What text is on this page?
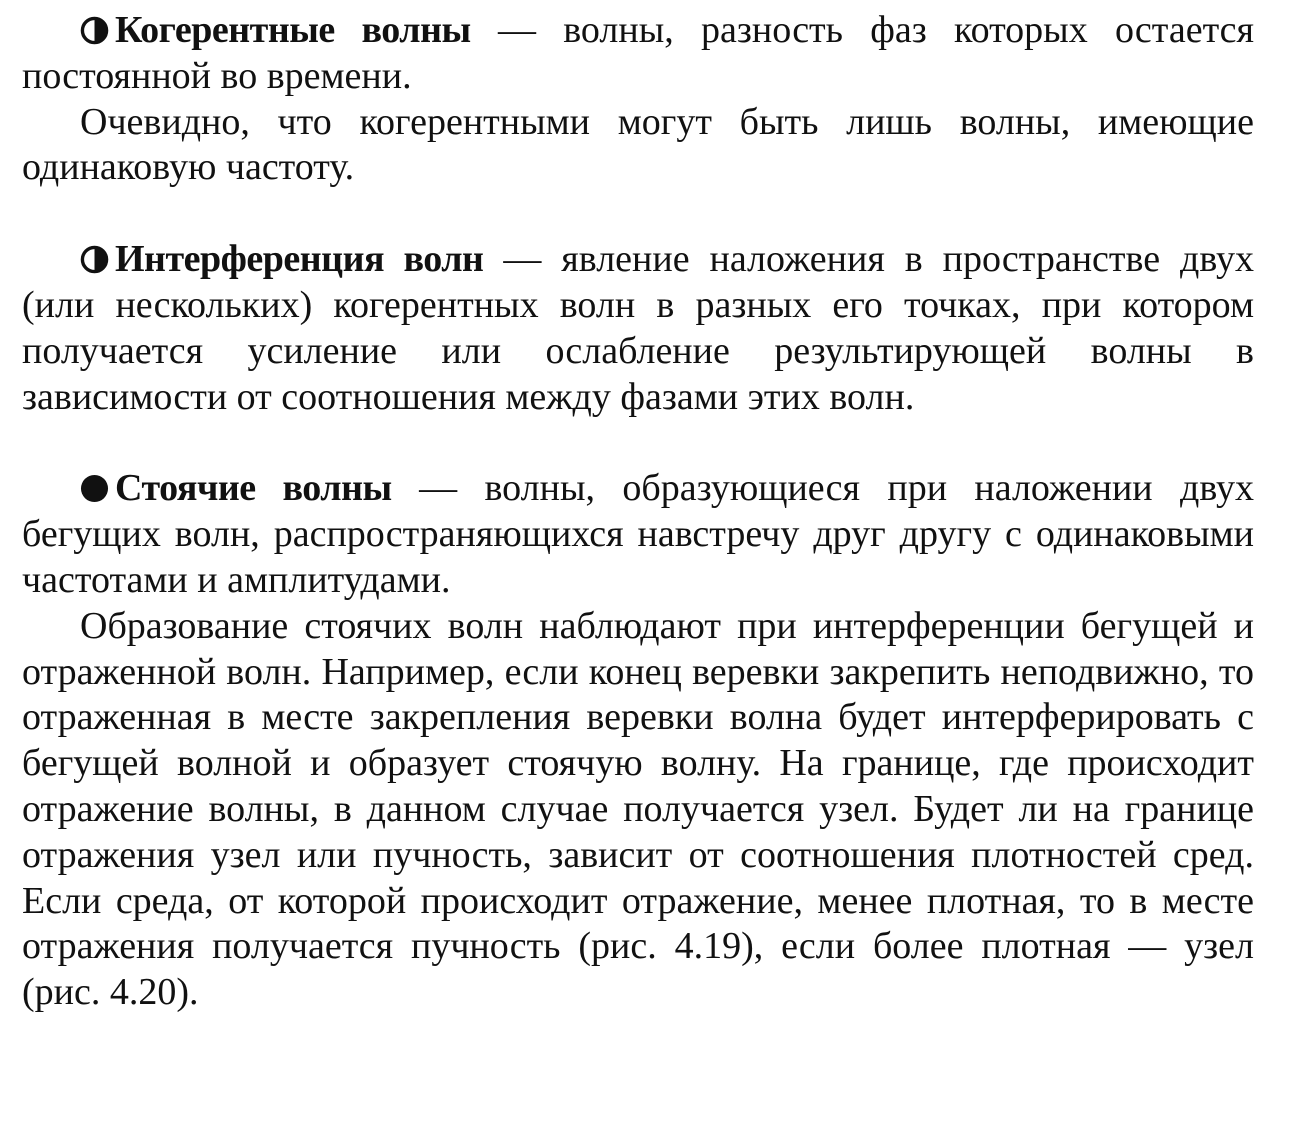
Когерентные волны — волны, разность фаз которых остается постоянной во времени.

Очевидно, что когерентными могут быть лишь волны, имеющие одинаковую частоту.

Интерференция волн — явление наложения в пространстве двух (или нескольких) когерентных волн в разных его точках, при котором получается усиление или ослабление результирующей волны в зависимости от соотношения между фазами этих волн.

Стоячие волны — волны, образующиеся при наложении двух бегущих волн, распространяющихся навстречу друг другу с одинаковыми частотами и амплитудами.

Образование стоячих волн наблюдают при интерференции бегущей и отраженной волн. Например, если конец веревки закрепить неподвижно, то отраженная в месте закрепления веревки волна будет интерферировать с бегущей волной и образует стоячую волну. На границе, где происходит отражение волны, в данном случае получается узел. Будет ли на границе отражения узел или пучность, зависит от соотношения плотностей сред. Если среда, от которой происходит отражение, менее плотная, то в месте отражения получается пучность (рис. 4.19), если более плотная — узел (рис. 4.20).
